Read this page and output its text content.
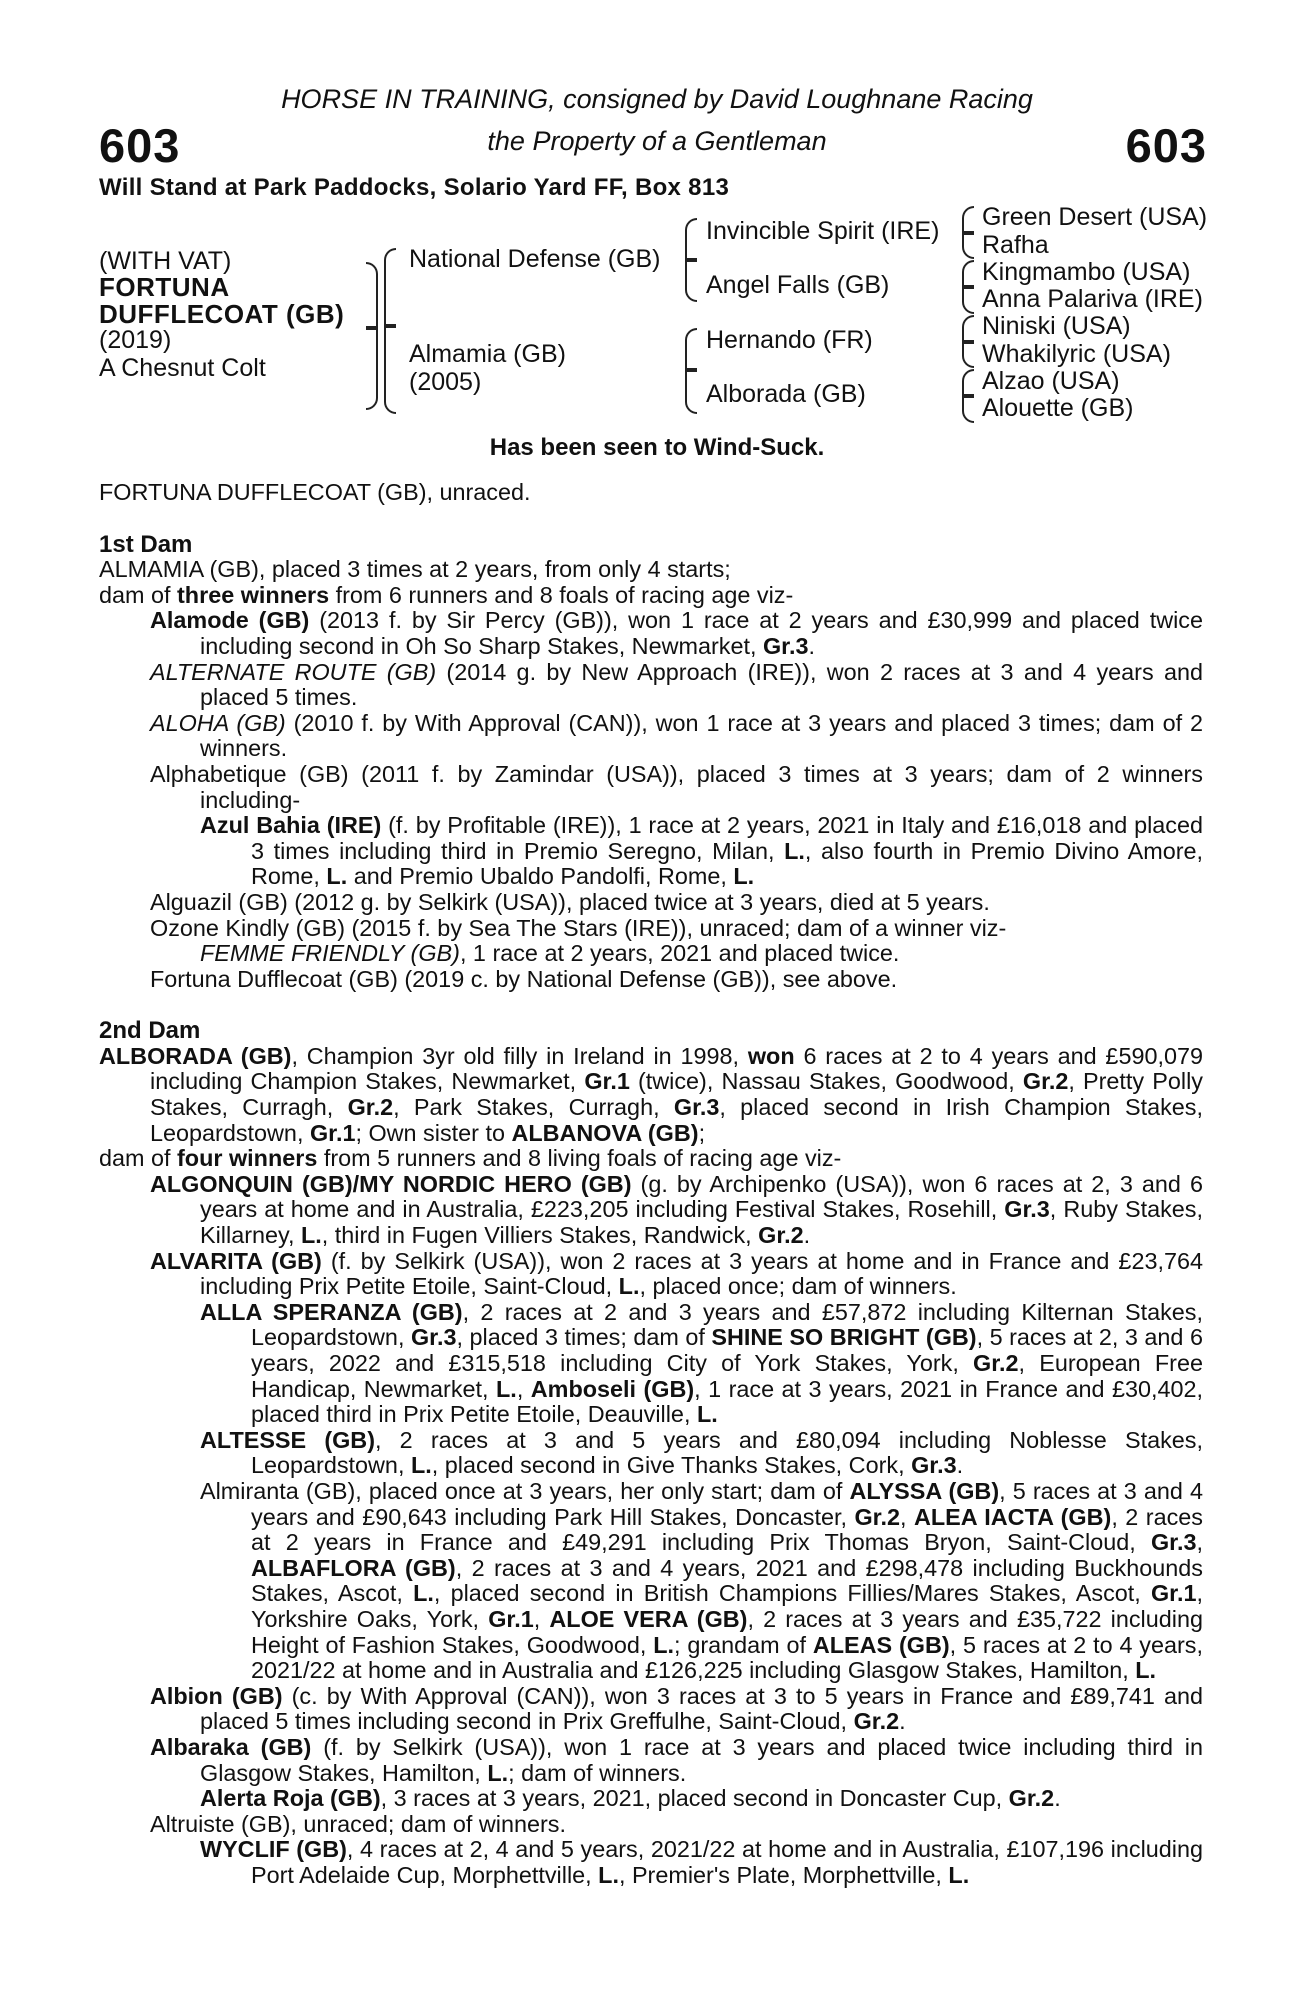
603	603
HORSE IN TRAINING, consigned by David Loughnane Racing
the Property of a Gentleman
Will Stand at Park Paddocks, Solario Yard FF, Box 813
(WITH VAT)
FORTUNA
DUFFLECOAT (GB)
(2019)
A Chesnut Colt
National Defense (GB)
Almamia (GB)
(2005)
Invincible Spirit (IRE)
Angel Falls (GB)
Hernando (FR)
Alborada (GB)
Green Desert (USA)
Rafha
Kingmambo (USA)
Anna Palariva (IRE)
Niniski (USA)
Whakilyric (USA)
Alzao (USA)
Alouette (GB)
Has been seen to Wind-Suck.

FORTUNA DUFFLECOAT (GB), unraced.

1st Dam

ALMAMIA (GB), placed 3 times at 2 years, from only 4 starts;

dam of three winners from 6 runners and 8 foals of racing age viz-

Alamode (GB) (2013 f. by Sir Percy (GB)), won 1 race at 2 years and £30,999 and placed twice including second in Oh So Sharp Stakes, Newmarket, Gr.3.

ALTERNATE ROUTE (GB) (2014 g. by New Approach (IRE)), won 2 races at 3 and 4 years and placed 5 times.

ALOHA (GB) (2010 f. by With Approval (CAN)), won 1 race at 3 years and placed 3 times; dam of 2 winners.

Alphabetique (GB) (2011 f. by Zamindar (USA)), placed 3 times at 3 years; dam of 2 winners including-

Azul Bahia (IRE) (f. by Profitable (IRE)), 1 race at 2 years, 2021 in Italy and £16,018 and placed 3 times including third in Premio Seregno, Milan, L., also fourth in Premio Divino Amore, Rome, L. and Premio Ubaldo Pandolfi, Rome, L.

Alguazil (GB) (2012 g. by Selkirk (USA)), placed twice at 3 years, died at 5 years.

Ozone Kindly (GB) (2015 f. by Sea The Stars (IRE)), unraced; dam of a winner viz-

FEMME FRIENDLY (GB), 1 race at 2 years, 2021 and placed twice.

Fortuna Dufflecoat (GB) (2019 c. by National Defense (GB)), see above.

2nd Dam

ALBORADA (GB), Champion 3yr old filly in Ireland in 1998, won 6 races at 2 to 4 years and £590,079 including Champion Stakes, Newmarket, Gr.1 (twice), Nassau Stakes, Goodwood, Gr.2, Pretty Polly Stakes, Curragh, Gr.2, Park Stakes, Curragh, Gr.3, placed second in Irish Champion Stakes, Leopardstown, Gr.1; Own sister to ALBANOVA (GB);

dam of four winners from 5 runners and 8 living foals of racing age viz-

ALGONQUIN (GB)/MY NORDIC HERO (GB) (g. by Archipenko (USA)), won 6 races at 2, 3 and 6 years at home and in Australia, £223,205 including Festival Stakes, Rosehill, Gr.3, Ruby Stakes, Killarney, L., third in Fugen Villiers Stakes, Randwick, Gr.2.

ALVARITA (GB) (f. by Selkirk (USA)), won 2 races at 3 years at home and in France and £23,764 including Prix Petite Etoile, Saint-Cloud, L., placed once; dam of winners.

ALLA SPERANZA (GB), 2 races at 2 and 3 years and £57,872 including Kilternan Stakes, Leopardstown, Gr.3, placed 3 times; dam of SHINE SO BRIGHT (GB), 5 races at 2, 3 and 6 years, 2022 and £315,518 including City of York Stakes, York, Gr.2, European Free Handicap, Newmarket, L., Amboseli (GB), 1 race at 3 years, 2021 in France and £30,402, placed third in Prix Petite Etoile, Deauville, L.

ALTESSE (GB), 2 races at 3 and 5 years and £80,094 including Noblesse Stakes, Leopardstown, L., placed second in Give Thanks Stakes, Cork, Gr.3.

Almiranta (GB), placed once at 3 years, her only start; dam of ALYSSA (GB), 5 races at 3 and 4 years and £90,643 including Park Hill Stakes, Doncaster, Gr.2, ALEA IACTA (GB), 2 races at 2 years in France and £49,291 including Prix Thomas Bryon, Saint-Cloud, Gr.3, ALBAFLORA (GB), 2 races at 3 and 4 years, 2021 and £298,478 including Buckhounds Stakes, Ascot, L., placed second in British Champions Fillies/Mares Stakes, Ascot, Gr.1, Yorkshire Oaks, York, Gr.1, ALOE VERA (GB), 2 races at 3 years and £35,722 including Height of Fashion Stakes, Goodwood, L.; grandam of ALEAS (GB), 5 races at 2 to 4 years, 2021/22 at home and in Australia and £126,225 including Glasgow Stakes, Hamilton, L.

Albion (GB) (c. by With Approval (CAN)), won 3 races at 3 to 5 years in France and £89,741 and placed 5 times including second in Prix Greffulhe, Saint-Cloud, Gr.2.

Albaraka (GB) (f. by Selkirk (USA)), won 1 race at 3 years and placed twice including third in Glasgow Stakes, Hamilton, L.; dam of winners.

Alerta Roja (GB), 3 races at 3 years, 2021, placed second in Doncaster Cup, Gr.2.

Altruiste (GB), unraced; dam of winners.

WYCLIF (GB), 4 races at 2, 4 and 5 years, 2021/22 at home and in Australia, £107,196 including Port Adelaide Cup, Morphettville, L., Premier's Plate, Morphettville, L.
